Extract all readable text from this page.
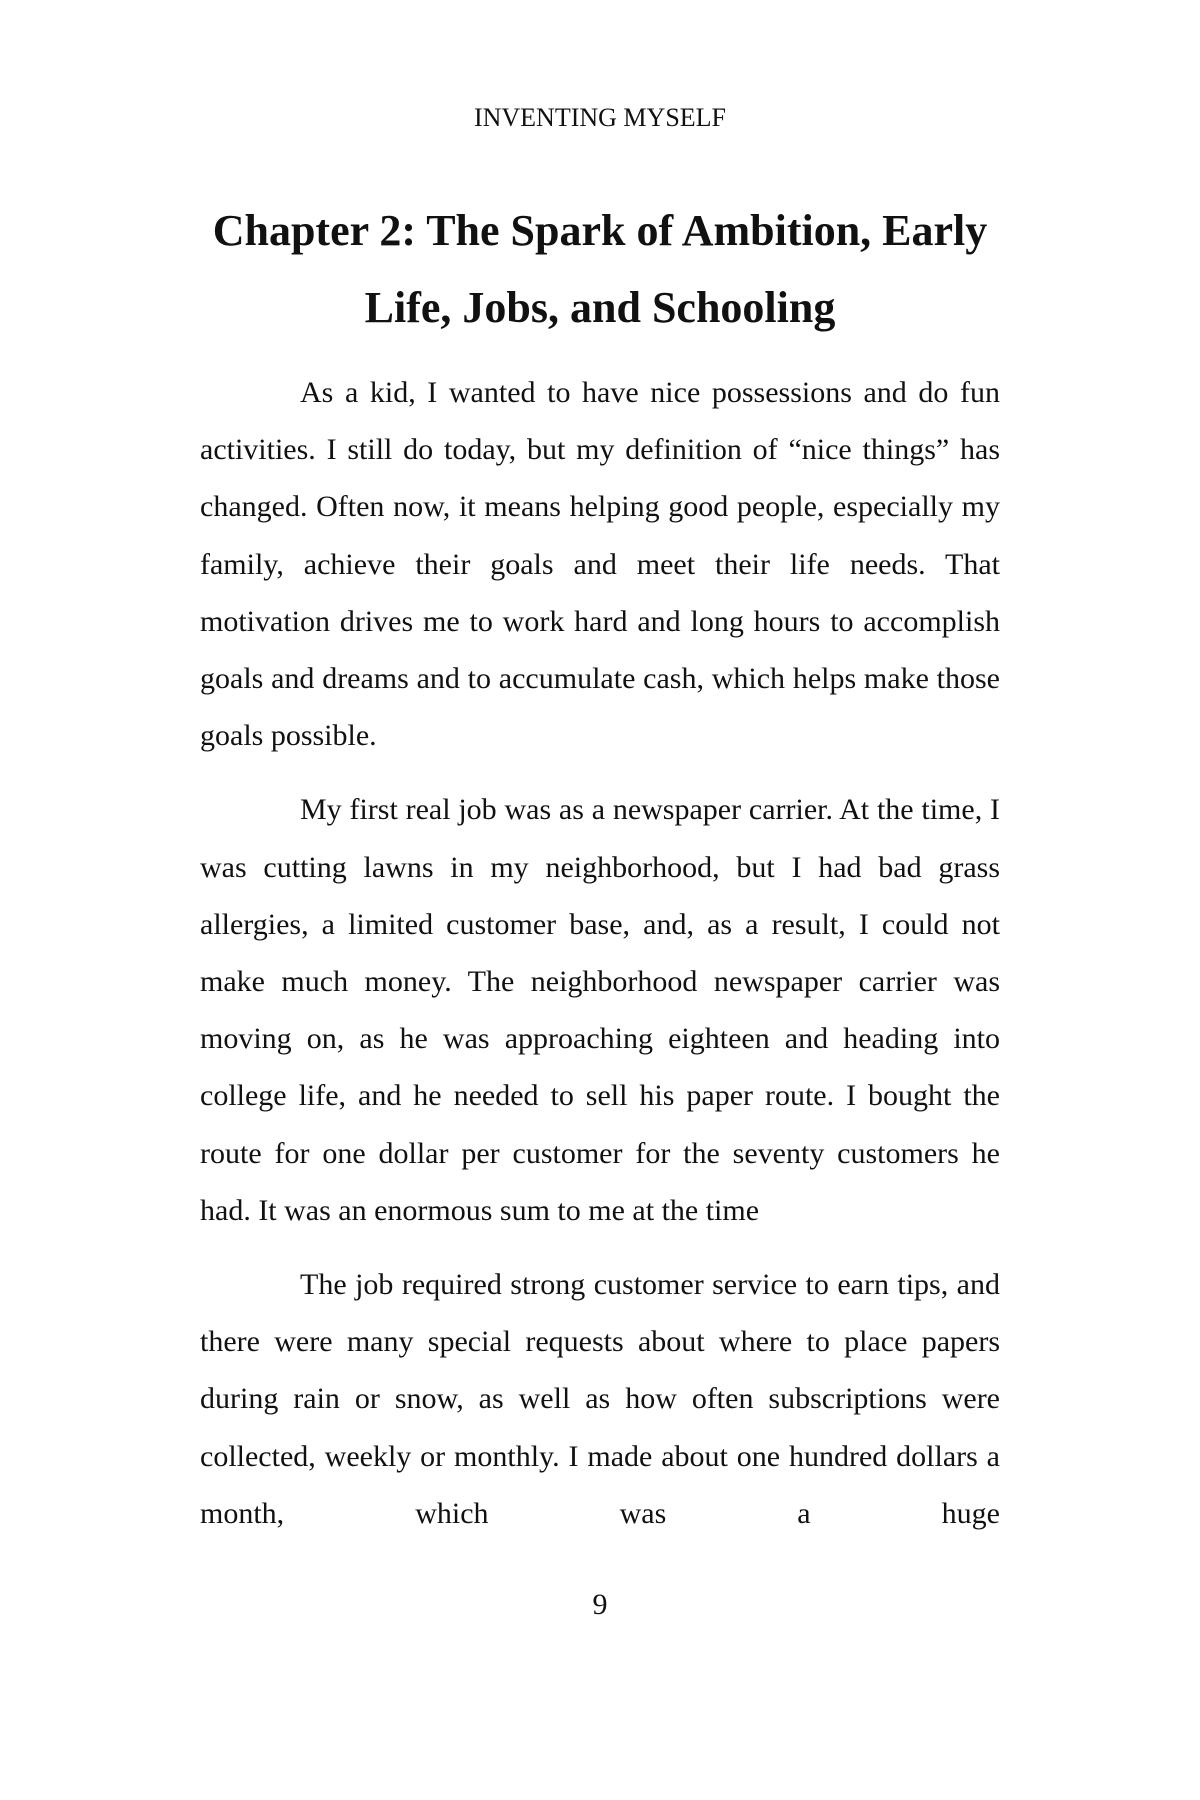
INVENTING MYSELF
Chapter 2: The Spark of Ambition, Early Life, Jobs, and Schooling

As a kid, I wanted to have nice possessions and do fun activities. I still do today, but my definition of “nice things” has changed. Often now, it means helping good people, especially my family, achieve their goals and meet their life needs. That motivation drives me to work hard and long hours to accomplish goals and dreams and to accumulate cash, which helps make those goals possible.

My first real job was as a newspaper carrier. At the time, I was cutting lawns in my neighborhood, but I had bad grass allergies, a limited customer base, and, as a result, I could not make much money. The neighborhood newspaper carrier was moving on, as he was approaching eighteen and heading into college life, and he needed to sell his paper route. I bought the route for one dollar per customer for the seventy customers he had. It was an enormous sum to me at the time

The job required strong customer service to earn tips, and there were many special requests about where to place papers during rain or snow, as well as how often subscriptions were collected, weekly or monthly. I made about one hundred dollars a month, which was a huge

9
